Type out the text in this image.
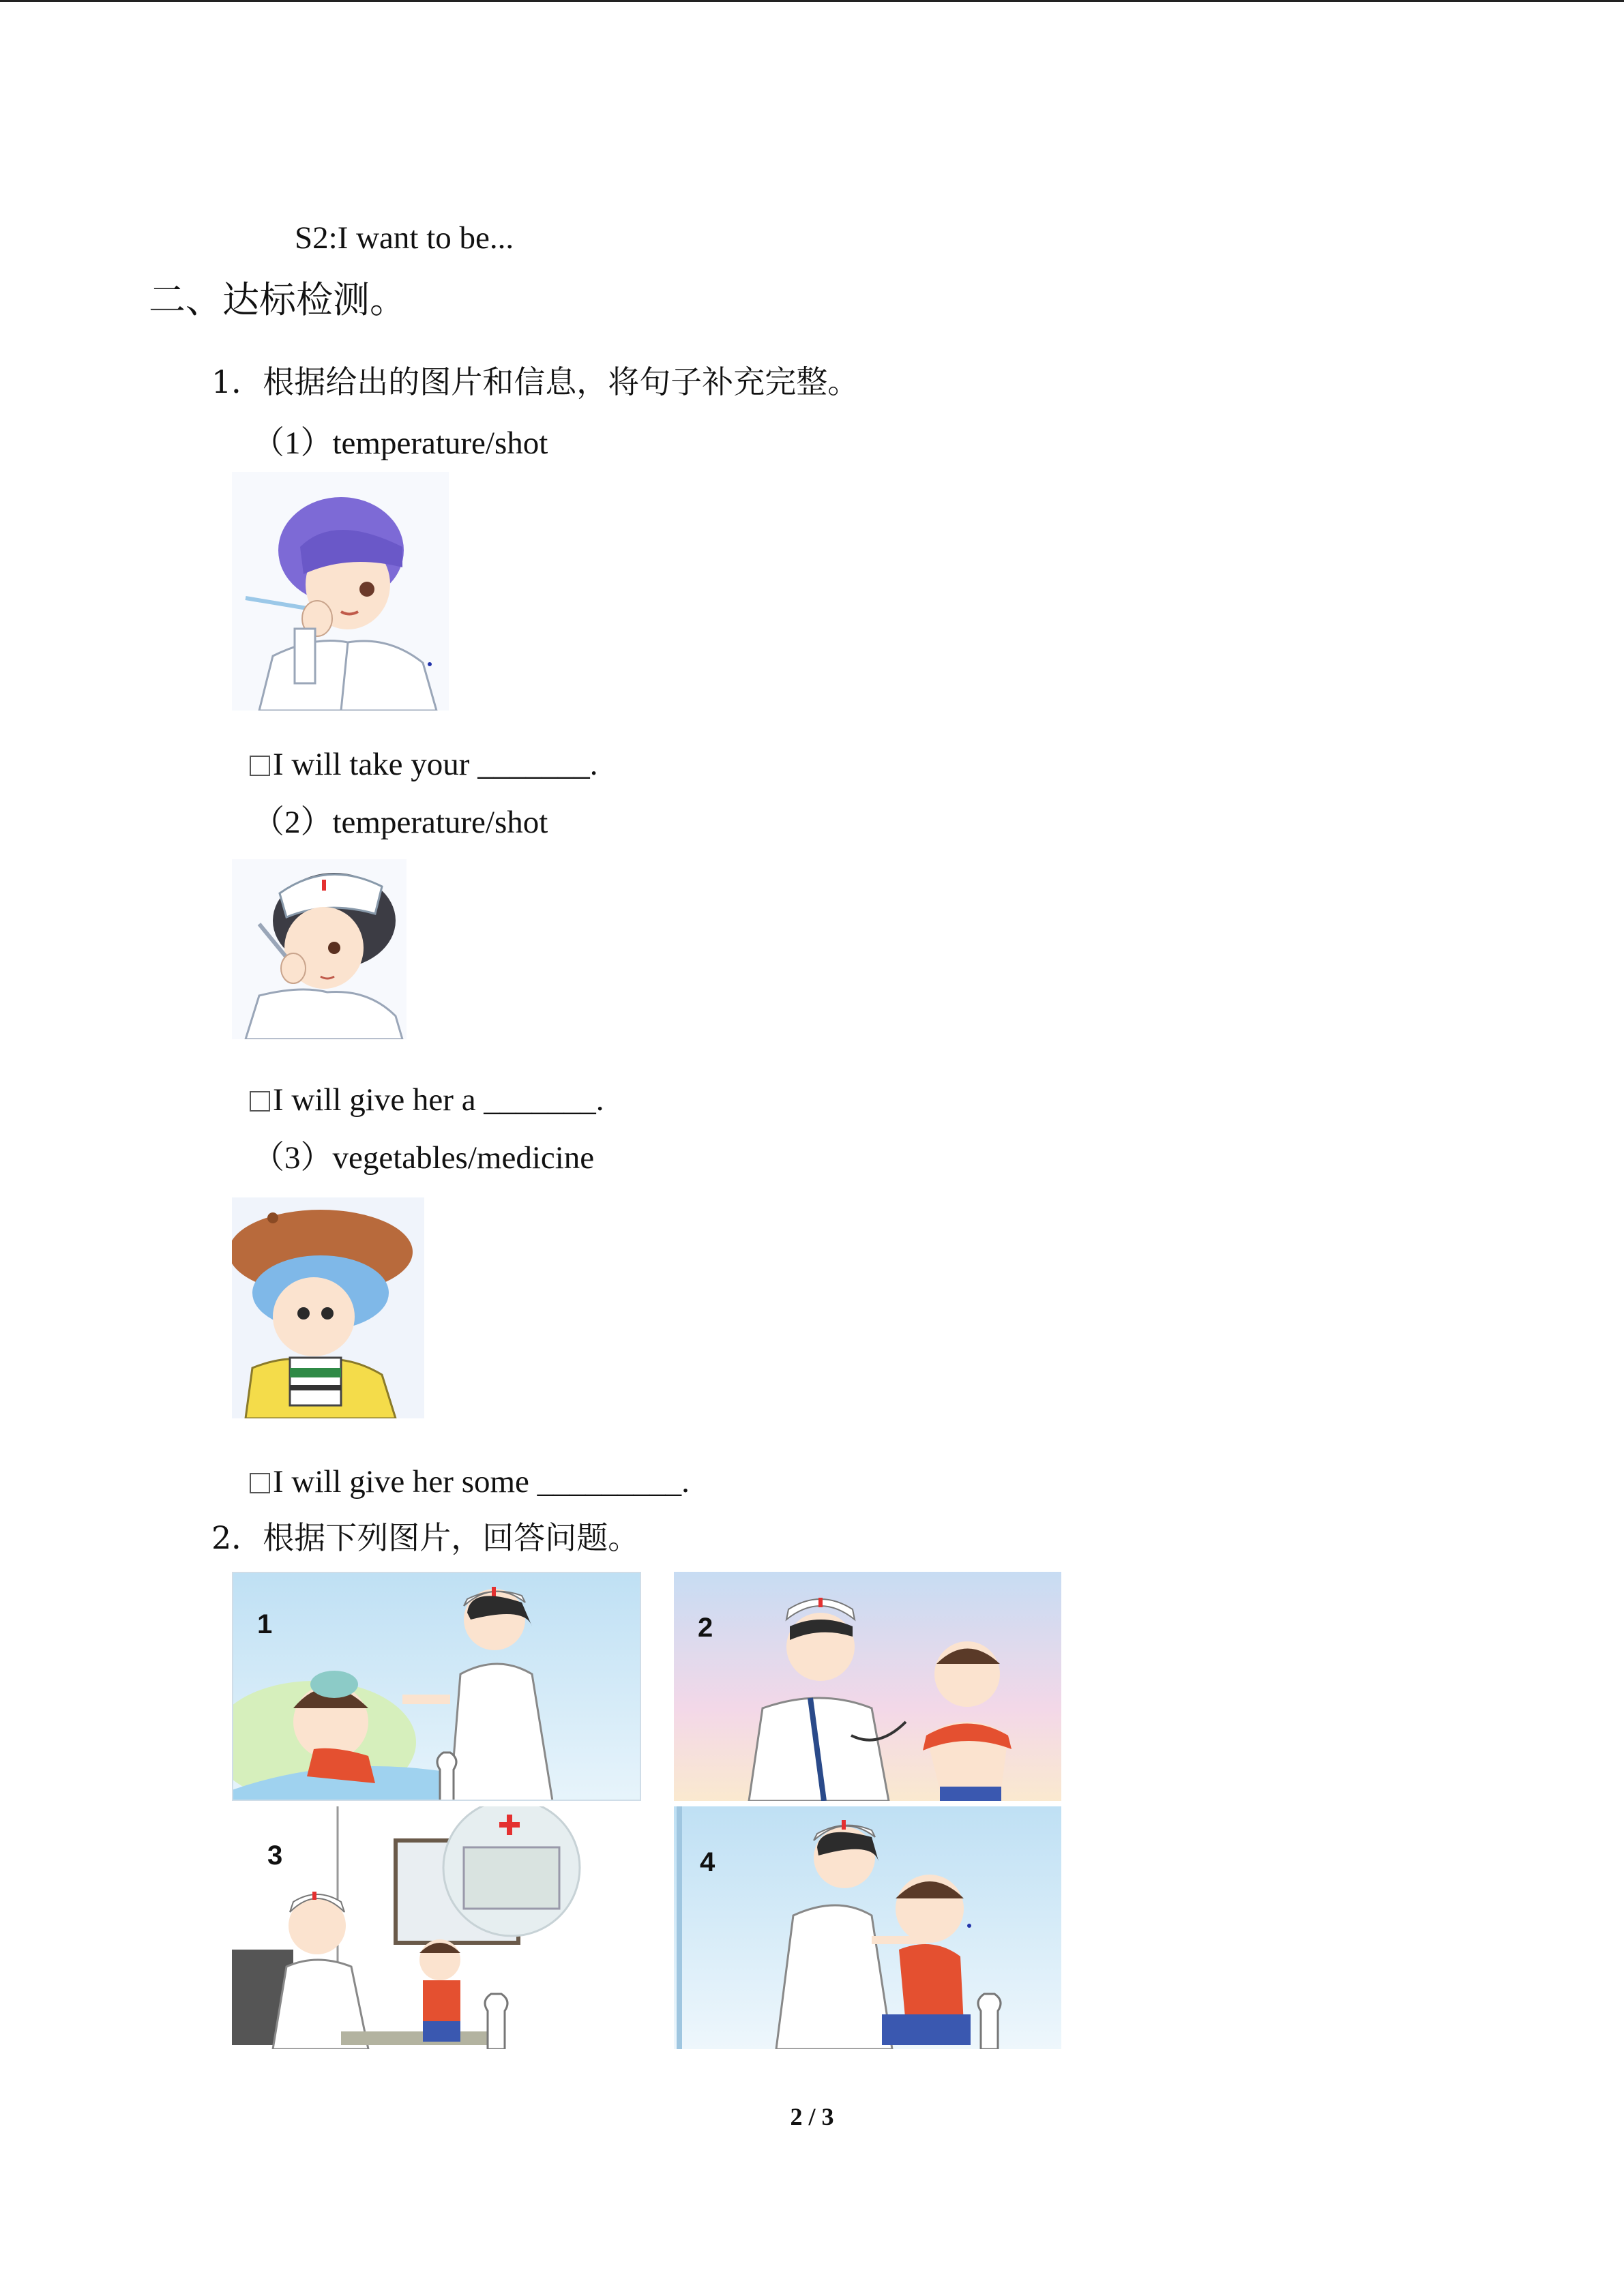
S2:I want to be...
二、达标检测。
1．根据给出的图片和信息，将句子补充完整。
（1）temperature/shot
I will take your _______.
（2）temperature/shot
I will give her a _______.
（3）vegetables/medicine
I will give her some _________.
2．根据下列图片，回答问题。
1	2
3	4
2 / 3
